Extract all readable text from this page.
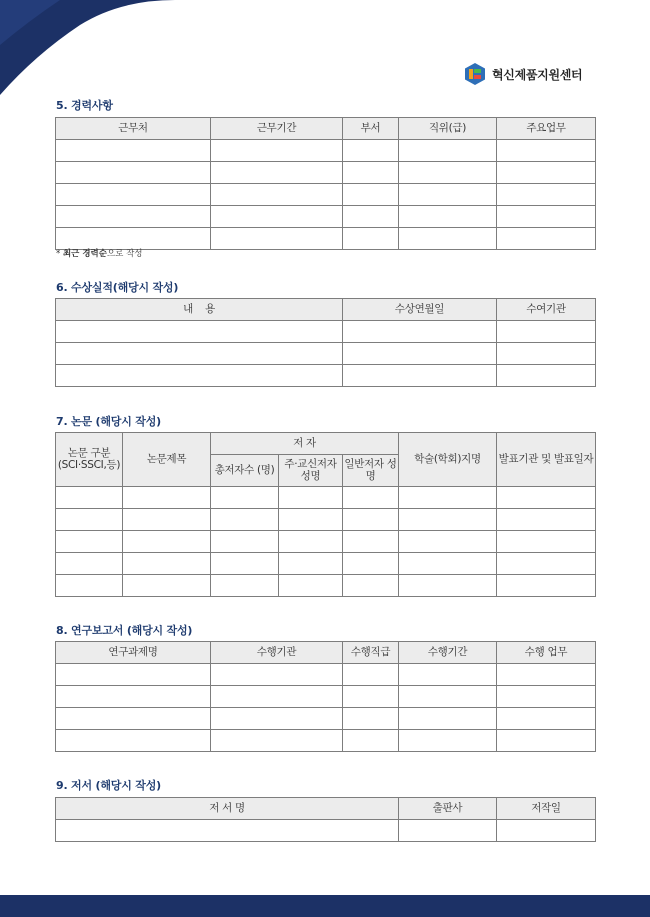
혁신제품지원센터
5. 경력사항
근무처	근무기간	부서	직위(급)	주요업무

* 최근 경력순으로 작성
6. 수상실적(해당시 작성)
내    용	수상연월일	수여기관

7. 논문 (해당시 작성)
논문 구분 (SCI·SSCI,등)	논문제목	저 자			학술(학회)지명	발표기관 및 발표일자
		총저자수 (명)	주·교신저자 성명	일반저자 성명		

8. 연구보고서 (해당시 작성)
연구과제명	수행기관	수행직급	수행기간	수행 업무

9. 저서 (해당시 작성)
저 서 명	출판사	저작일
